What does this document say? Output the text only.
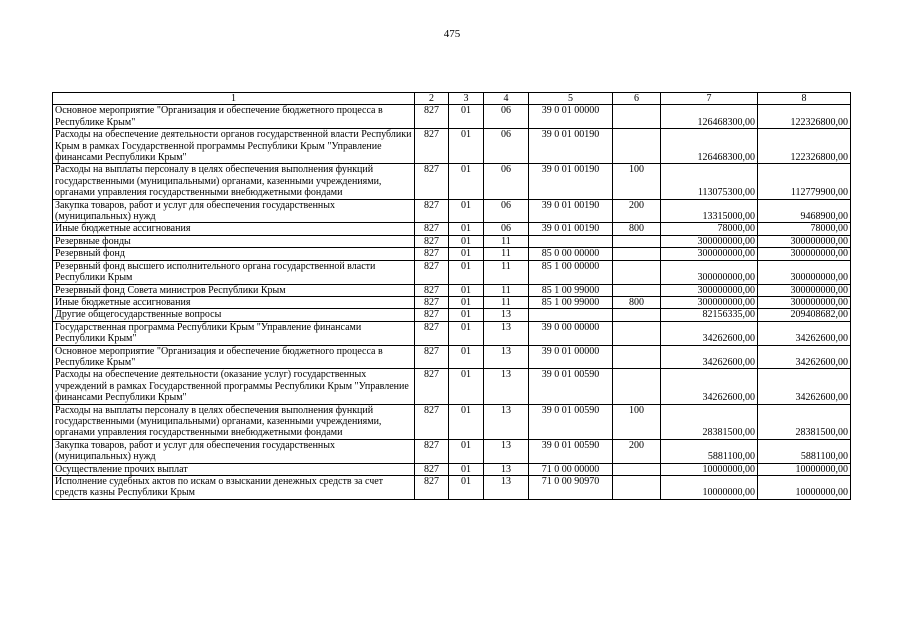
475
1	2	3	4	5	6	7	8
Основное мероприятие "Организация и обеспечение бюджетного процесса в Республике Крым"	827	01	06	39 0 01 00000		126468300,00	122326800,00
Расходы на обеспечение деятельности органов государственной власти Республики Крым в рамках Государственной программы Республики Крым "Управление финансами Республики Крым"	827	01	06	39 0 01 00190		126468300,00	122326800,00
Расходы на выплаты персоналу в целях обеспечения выполнения функций государственными (муниципальными) органами, казенными учреждениями, органами управления государственными внебюджетными фондами	827	01	06	39 0 01 00190	100	113075300,00	112779900,00
Закупка товаров, работ и услуг для обеспечения государственных (муниципальных) нужд	827	01	06	39 0 01 00190	200	13315000,00	9468900,00
Иные бюджетные ассигнования	827	01	06	39 0 01 00190	800	78000,00	78000,00
Резервные фонды	827	01	11			300000000,00	300000000,00
Резервный фонд	827	01	11	85 0 00 00000		300000000,00	300000000,00
Резервный фонд высшего исполнительного органа государственной власти Республики Крым	827	01	11	85 1 00 00000		300000000,00	300000000,00
Резервный фонд Совета министров Республики Крым	827	01	11	85 1 00 99000		300000000,00	300000000,00
Иные бюджетные ассигнования	827	01	11	85 1 00 99000	800	300000000,00	300000000,00
Другие общегосударственные вопросы	827	01	13			82156335,00	209408682,00
Государственная программа Республики Крым "Управление финансами Республики Крым"	827	01	13	39 0 00 00000		34262600,00	34262600,00
Основное мероприятие "Организация и обеспечение бюджетного процесса в Республике Крым"	827	01	13	39 0 01 00000		34262600,00	34262600,00
Расходы на обеспечение деятельности (оказание услуг) государственных учреждений в рамках Государственной программы Республики Крым "Управление финансами Республики Крым"	827	01	13	39 0 01 00590		34262600,00	34262600,00
Расходы на выплаты персоналу в целях обеспечения выполнения функций государственными (муниципальными) органами, казенными учреждениями, органами управления государственными внебюджетными фондами	827	01	13	39 0 01 00590	100	28381500,00	28381500,00
Закупка товаров, работ и услуг для обеспечения государственных (муниципальных) нужд	827	01	13	39 0 01 00590	200	5881100,00	5881100,00
Осуществление прочих выплат	827	01	13	71 0 00 00000		10000000,00	10000000,00
Исполнение судебных актов по искам о взыскании денежных средств за счет средств казны Республики Крым	827	01	13	71 0 00 90970		10000000,00	10000000,00
